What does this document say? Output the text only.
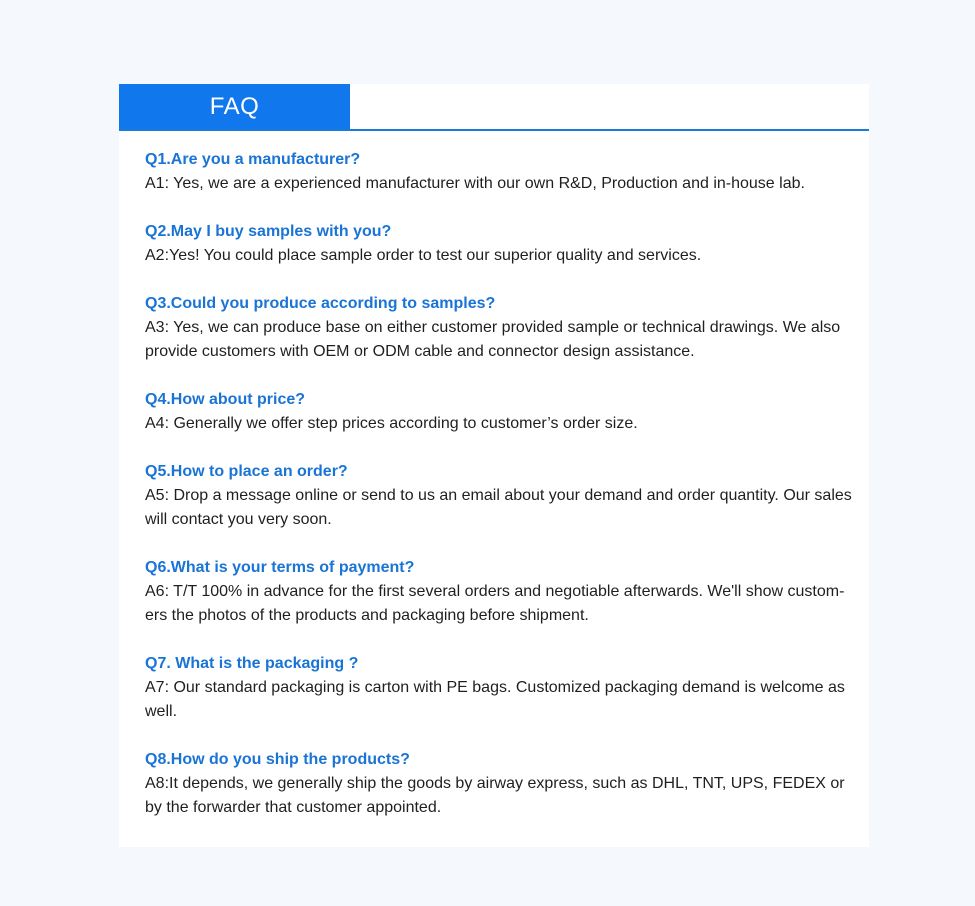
FAQ
Q1.Are you a manufacturer?
A1: Yes, we are a experienced manufacturer with our own R&D, Production and in-house lab.
Q2.May I buy samples with you?
A2:Yes! You could place sample order to test our superior quality and services.
Q3.Could you produce according to samples?
A3: Yes, we can produce base on either customer provided sample or technical drawings. We also provide customers with OEM or ODM cable and connector design assistance.
Q4.How about price?
A4: Generally we offer step prices according to customer’s order size.
Q5.How to place an order?
A5: Drop a message online or send to us an email about your demand and order quantity. Our sales will contact you very soon.
Q6.What is your terms of payment?
A6: T/T 100% in advance for the first several orders and negotiable afterwards. We'll show custom-ers the photos of the products and packaging before shipment.
Q7. What is the packaging ?
A7: Our standard packaging is carton with PE bags. Customized packaging demand is welcome as well.
Q8.How do you ship the products?
A8:It depends, we generally ship the goods by airway express, such as DHL, TNT, UPS, FEDEX or by the forwarder that customer appointed.
